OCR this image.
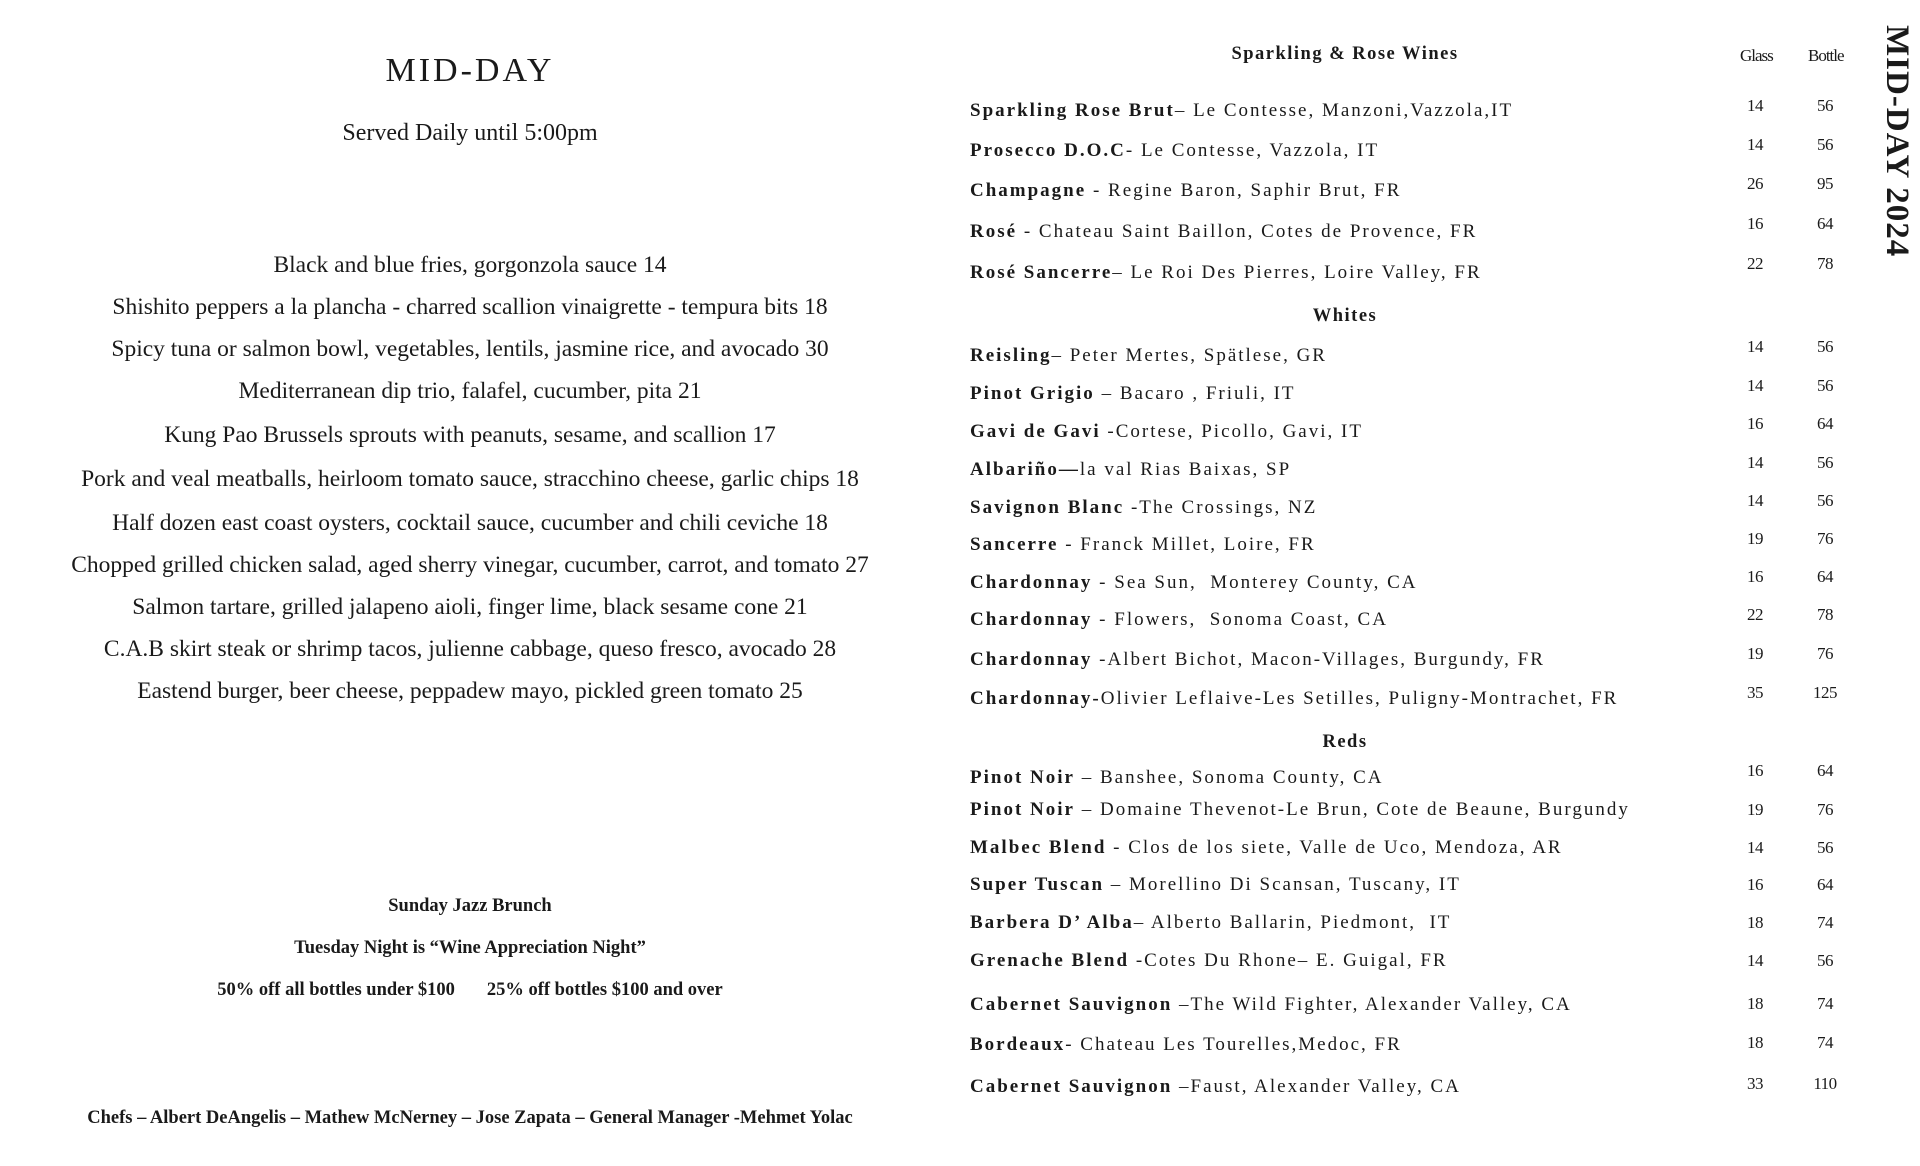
MID-DAY
Served Daily until 5:00pm
Black and blue fries, gorgonzola sauce 14
Shishito peppers a la plancha - charred scallion vinaigrette - tempura bits 18
Spicy tuna or salmon bowl, vegetables, lentils, jasmine rice, and avocado 30
Mediterranean dip trio, falafel, cucumber, pita 21
Kung Pao Brussels sprouts with peanuts, sesame, and scallion 17
Pork and veal meatballs, heirloom tomato sauce, stracchino cheese, garlic chips 18
Half dozen east coast oysters, cocktail sauce, cucumber and chili ceviche 18
Chopped grilled chicken salad, aged sherry vinegar, cucumber, carrot, and tomato 27
Salmon tartare, grilled jalapeno aioli, finger lime, black sesame cone 21
C.A.B skirt steak or shrimp tacos, julienne cabbage, queso fresco, avocado 28
Eastend burger, beer cheese, peppadew mayo, pickled green tomato 25
Sunday Jazz Brunch
Tuesday Night is “Wine Appreciation Night”
50% off all bottles under $100 25% off bottles $100 and over
Chefs – Albert DeAngelis – Mathew McNerney – Jose Zapata – General Manager -Mehmet Yolac
Glass Bottle	MID-DAY 2024
Sparkling & Rose Wines
Sparkling Rose Brut– Le Contesse, Manzoni,Vazzola,IT	14	56
Prosecco D.O.C- Le Contesse, Vazzola, IT	14	56
Champagne - Regine Baron, Saphir Brut, FR	26	95
Rosé - Chateau Saint Baillon, Cotes de Provence, FR	16	64
Rosé Sancerre– Le Roi Des Pierres, Loire Valley, FR	22	78
Whites
Reisling– Peter Mertes, Spätlese, GR	14	56
Pinot Grigio – Bacaro , Friuli, IT	14	56
Gavi de Gavi -Cortese, Picollo, Gavi, IT	16	64
Albariño—la val Rias Baixas, SP	14	56
Savignon Blanc -The Crossings, NZ	14	56
Sancerre - Franck Millet, Loire, FR	19	76
Chardonnay - Sea Sun,  Monterey County, CA	16	64
Chardonnay - Flowers,  Sonoma Coast, CA	22	78
Chardonnay -Albert Bichot, Macon-Villages, Burgundy, FR	19	76
Chardonnay-Olivier Leflaive-Les Setilles, Puligny-Montrachet, FR	35	125
Reds
Pinot Noir – Banshee, Sonoma County, CA	16	64
Pinot Noir – Domaine Thevenot-Le Brun, Cote de Beaune, Burgundy	19	76
Malbec Blend - Clos de los siete, Valle de Uco, Mendoza, AR	14	56
Super Tuscan – Morellino Di Scansan, Tuscany, IT	16	64
Barbera D’ Alba– Alberto Ballarin, Piedmont,  IT	18	74
Grenache Blend -Cotes Du Rhone– E. Guigal, FR	14	56
Cabernet Sauvignon –The Wild Fighter, Alexander Valley, CA	18	74
Bordeaux- Chateau Les Tourelles,Medoc, FR	18	74
Cabernet Sauvignon –Faust, Alexander Valley, CA	33	110
